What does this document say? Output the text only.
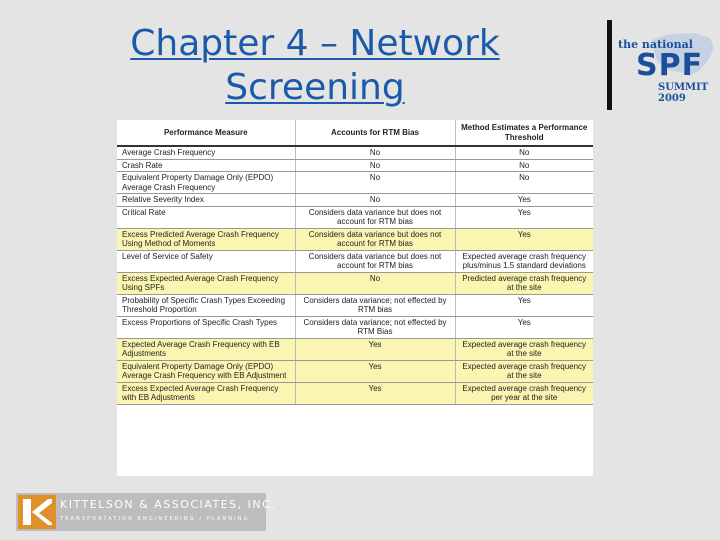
Chapter 4 – Network
Screening
the national
SPF
SUMMIT 2009
Performance Measure	Accounts for RTM Bias	Method Estimates a Performance Threshold
Average Crash Frequency	No	No
Crash Rate	No	No
Equivalent Property Damage Only (EPDO) Average Crash Frequency	No	No
Relative Severity Index	No	Yes
Critical Rate	Considers data variance but does not account for RTM bias	Yes
Excess Predicted Average Crash Frequency Using Method of Moments	Considers data variance but does not account for RTM bias	Yes
Level of Service of Safety	Considers data variance but does not account for RTM bias	Expected average crash frequency plus/minus 1.5 standard deviations
Excess Expected Average Crash Frequency Using SPFs	No	Predicted average crash frequency at the site
Probability of Specific Crash Types Exceeding Threshold Proportion	Considers data variance; not effected by RTM bias	Yes
Excess Proportions of Specific Crash Types	Considers data variance; not effected by RTM Bias	Yes
Expected Average Crash Frequency with EB Adjustments	Yes	Expected average crash frequency at the site
Equivalent Property Damage Only (EPDO) Average Crash Frequency with EB Adjustment	Yes	Expected average crash frequency at the site
Excess Expected Average Crash Frequency with EB Adjustments	Yes	Expected average crash frequency per year at the site
KITTELSON & ASSOCIATES, INC.
TRANSPORTATION ENGINEERING / PLANNING
